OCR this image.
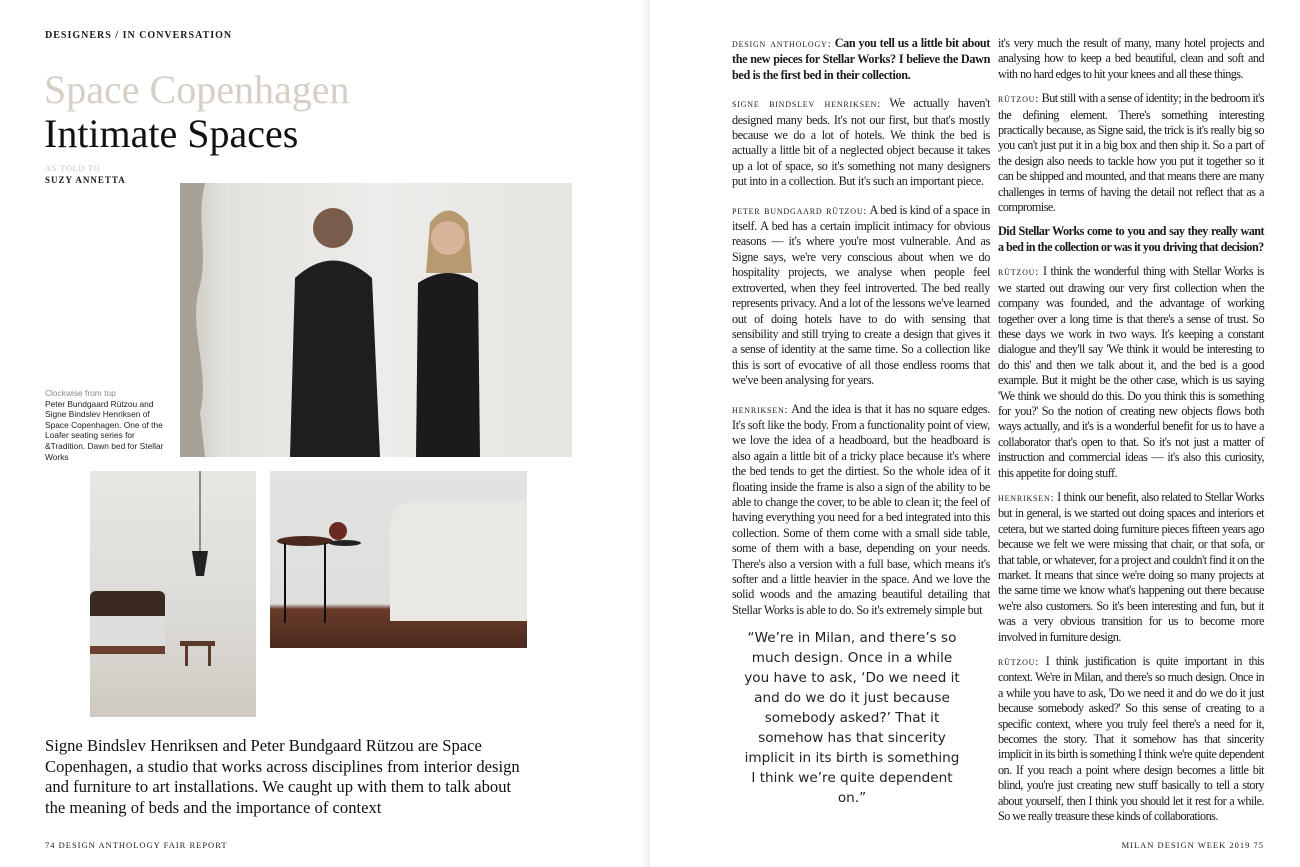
DESIGNERS / IN CONVERSATION
Space Copenhagen
Intimate Spaces
AS TOLD TO
SUZY ANNETTA
Clockwise from top
Peter Bundgaard Rützou and Signe Bindslev Henriksen of Space Copenhagen. One of the Loafer seating series for &Tradition. Dawn bed for Stellar Works
Signe Bindslev Henriksen and Peter Bundgaard Rützou are Space Copenhagen, a studio that works across disciplines from interior design and furniture to art installations. We caught up with them to talk about the meaning of beds and the importance of context
74 DESIGN ANTHOLOGY FAIR REPORT

design anthology: Can you tell us a little bit about the new pieces for Stellar Works? I believe the Dawn bed is the first bed in their collection.

signe bindslev henriksen: We actually haven't designed many beds. It's not our first, but that's mostly because we do a lot of hotels. We think the bed is actually a little bit of a neglected object because it takes up a lot of space, so it's something not many designers put into in a collection. But it's such an important piece.

peter bundgaard rützou: A bed is kind of a space in itself. A bed has a certain implicit intimacy for obvious reasons — it's where you're most vulnerable. And as Signe says, we're very conscious about when we do hospitality projects, we analyse when people feel extroverted, when they feel introverted. The bed really represents privacy. And a lot of the lessons we've learned out of doing hotels have to do with sensing that sensibility and still trying to create a design that gives it a sense of identity at the same time. So a collection like this is sort of evocative of all those endless rooms that we've been analysing for years.

henriksen: And the idea is that it has no square edges. It's soft like the body. From a functionality point of view, we love the idea of a headboard, but the headboard is also again a little bit of a tricky place because it's where the bed tends to get the dirtiest. So the whole idea of it floating inside the frame is also a sign of the ability to be able to change the cover, to be able to clean it; the feel of having everything you need for a bed integrated into this collection. Some of them come with a small side table, some of them with a base, depending on your needs. There's also a version with a full base, which means it's softer and a little heavier in the space. And we love the solid woods and the amazing beautiful detailing that Stellar Works is able to do. So it's extremely simple but

it's very much the result of many, many hotel projects and analysing how to keep a bed beautiful, clean and soft and with no hard edges to hit your knees and all these things.

rützou: But still with a sense of identity; in the bedroom it's the defining element. There's something interesting practically because, as Signe said, the trick is it's really big so you can't just put it in a big box and then ship it. So a part of the design also needs to tackle how you put it together so it can be shipped and mounted, and that means there are many challenges in terms of having the detail not reflect that as a compromise.

Did Stellar Works come to you and say they really want a bed in the collection or was it you driving that decision?

rützou: I think the wonderful thing with Stellar Works is we started out drawing our very first collection when the company was founded, and the advantage of working together over a long time is that there's a sense of trust. So these days we work in two ways. It's keeping a constant dialogue and they'll say 'We think it would be interesting to do this' and then we talk about it, and the bed is a good example. But it might be the other case, which is us saying 'We think we should do this. Do you think this is something for you?' So the notion of creating new objects flows both ways actually, and it's is a wonderful benefit for us to have a collaborator that's open to that. So it's not just a matter of instruction and commercial ideas — it's also this curiosity, this appetite for doing stuff.

henriksen: I think our benefit, also related to Stellar Works but in general, is we started out doing spaces and interiors et cetera, but we started doing furniture pieces fifteen years ago because we felt we were missing that chair, or that sofa, or that table, or whatever, for a project and couldn't find it on the market. It means that since we're doing so many projects at the same time we know what's happening out there because we're also customers. So it's been interesting and fun, but it was a very obvious transition for us to become more involved in furniture design.

rützou: I think justification is quite important in this context. We're in Milan, and there's so much design. Once in a while you have to ask, 'Do we need it and do we do it just because somebody asked?' So this sense of creating to a specific context, where you truly feel there's a need for it, becomes the story. That it somehow has that sincerity implicit in its birth is something I think we're quite dependent on. If you reach a point where design becomes a little bit blind, you're just creating new stuff basically to tell a story about yourself, then I think you should let it rest for a while. So we really treasure these kinds of collaborations.

“We’re in Milan, and there’s so much design. Once in a while you have to ask, ‘Do we need it and do we do it just because somebody asked?’ That it somehow has that sincerity implicit in its birth is something I think we’re quite dependent on.”
MILAN DESIGN WEEK 2019 75
